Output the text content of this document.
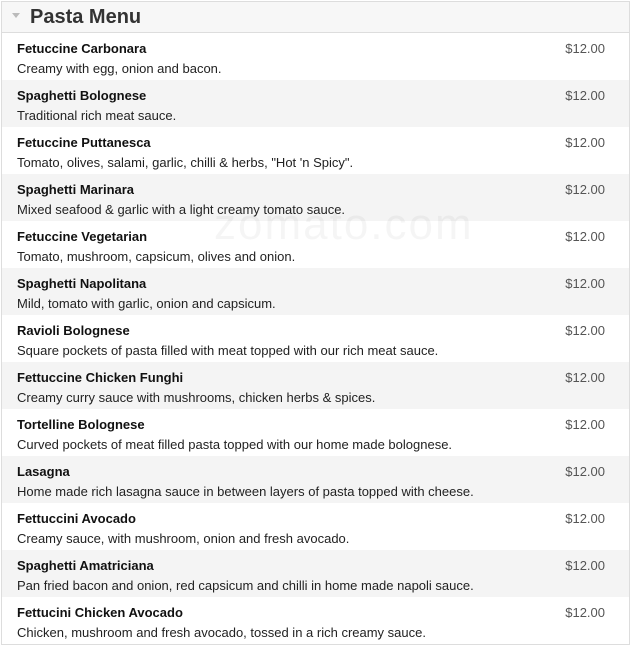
Pasta Menu
Fetuccine Carbonara
Creamy with egg, onion and bacon.
$12.00
Spaghetti Bolognese
Traditional rich meat sauce.
$12.00
Fetuccine Puttanesca
Tomato, olives, salami, garlic, chilli & herbs, "Hot 'n Spicy".
$12.00
Spaghetti Marinara
Mixed seafood & garlic with a light creamy tomato sauce.
$12.00
Fetuccine Vegetarian
Tomato, mushroom, capsicum, olives and onion.
$12.00
Spaghetti Napolitana
Mild, tomato with garlic, onion and capsicum.
$12.00
Ravioli Bolognese
Square pockets of pasta filled with meat topped with our rich meat sauce.
$12.00
Fettuccine Chicken Funghi
Creamy curry sauce with mushrooms, chicken herbs & spices.
$12.00
Tortelline Bolognese
Curved pockets of meat filled pasta topped with our home made bolognese.
$12.00
Lasagna
Home made rich lasagna sauce in between layers of pasta topped with cheese.
$12.00
Fettuccini Avocado
Creamy sauce, with mushroom, onion and fresh avocado.
$12.00
Spaghetti Amatriciana
Pan fried bacon and onion, red capsicum and chilli in home made napoli sauce.
$12.00
Fettucini Chicken Avocado
Chicken, mushroom and fresh avocado, tossed in a rich creamy sauce.
$12.00
